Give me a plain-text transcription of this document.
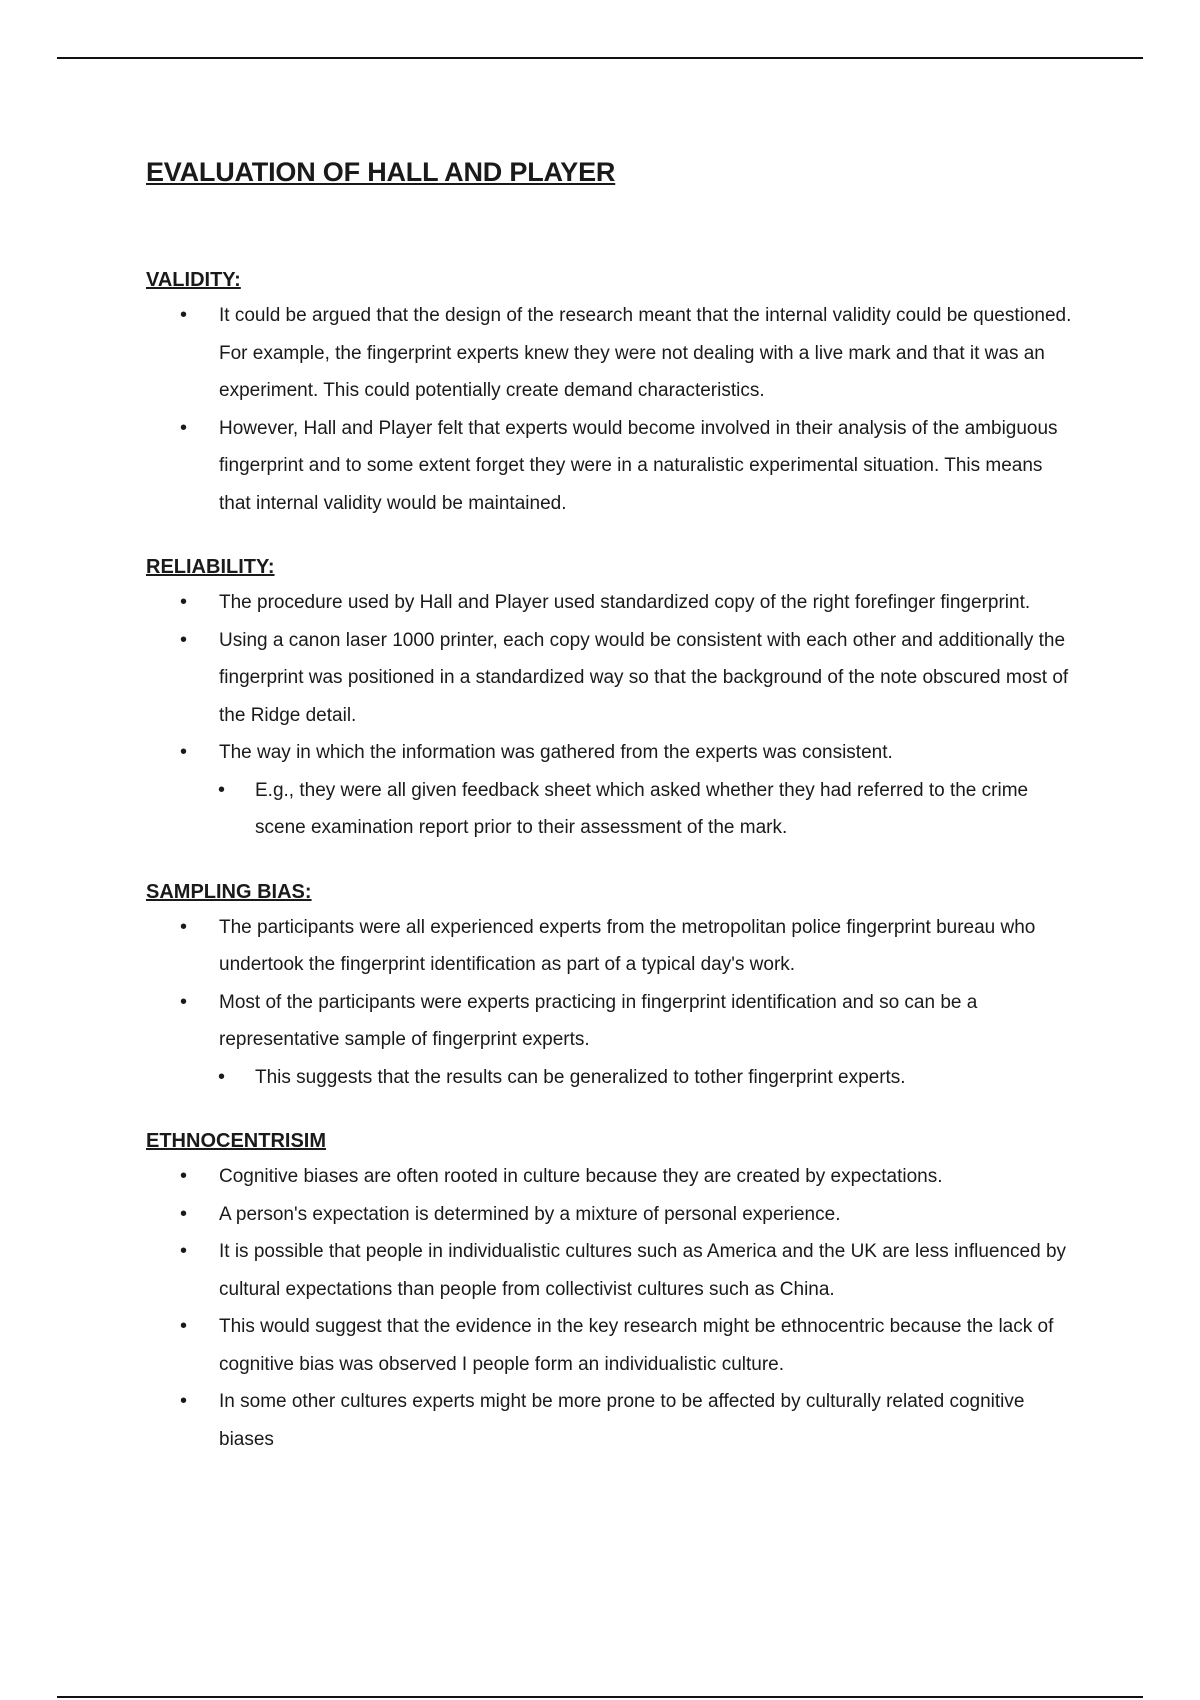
EVALUATION OF HALL AND PLAYER
VALIDITY:
• It could be argued that the design of the research meant that the internal validity could be questioned. For example, the fingerprint experts knew they were not dealing with a live mark and that it was an experiment. This could potentially create demand characteristics.
• However, Hall and Player felt that experts would become involved in their analysis of the ambiguous fingerprint and to some extent forget they were in a naturalistic experimental situation. This means that internal validity would be maintained.
RELIABILITY:
• The procedure used by Hall and Player used standardized copy of the right forefinger fingerprint.
• Using a canon laser 1000 printer, each copy would be consistent with each other and additionally the fingerprint was positioned in a standardized way so that the background of the note obscured most of the Ridge detail.
• The way in which the information was gathered from the experts was consistent.
• E.g., they were all given feedback sheet which asked whether they had referred to the crime scene examination report prior to their assessment of the mark.
SAMPLING BIAS:
• The participants were all experienced experts from the metropolitan police fingerprint bureau who undertook the fingerprint identification as part of a typical day's work.
• Most of the participants were experts practicing in fingerprint identification and so can be a representative sample of fingerprint experts.
• This suggests that the results can be generalized to tother fingerprint experts.
ETHNOCENTRISIM
• Cognitive biases are often rooted in culture because they are created by expectations.
• A person's expectation is determined by a mixture of personal experience.
• It is possible that people in individualistic cultures such as America and the UK are less influenced by cultural expectations than people from collectivist cultures such as China.
• This would suggest that the evidence in the key research might be ethnocentric because the lack of cognitive bias was observed I people form an individualistic culture.
• In some other cultures experts might be more prone to be affected by culturally related cognitive biases
